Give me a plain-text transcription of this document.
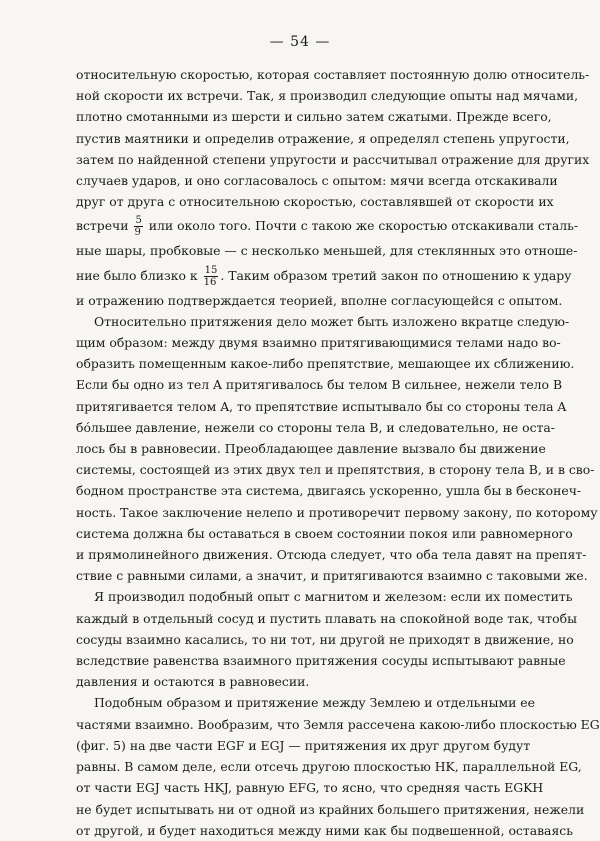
— 54 —
относительную скоростью, которая составляет постоянную долю относитель-
ной скорости их встречи. Так, я производил следующие опыты над мячами,
плотно смотанными из шерсти и сильно затем сжатыми. Прежде всего,
пустив маятники и определив отражение, я определял степень упругости,
затем по найденной степени упругости и рассчитывал отражение для других
случаев ударов, и оно согласовалось с опытом: мячи всегда отскакивали
друг от друга с относительною скоростью, составлявшей от скорости их
встречи $\frac{5}{9}$ или около того. Почти с такою же скоростью отскакивали сталь-
ные шары, пробковые — с несколько меньшей, для стеклянных это отноше-
ние было близко к $\frac{15}{16}$ . Таким образом третий закон по отношению к удару
и отражению подтверждается теорией, вполне согласующейся с опытом.
Относительно притяжения дело может быть изложено вкратце следую-
щим образом: между двумя взаимно притягивающимися телами надо во-
образить помещенным какое-либо препятствие, мешающее их сближению.
Если бы одно из тел A притягивалось бы телом B сильнее, нежели тело B
притягивается телом A, то препятствие испытывало бы со стороны тела A
бóльшее давление, нежели со стороны тела B, и следовательно, не оста-
лось бы в равновесии. Преобладающее давление вызвало бы движение
системы, состоящей из этих двух тел и препятствия, в сторону тела B, и в сво-
бодном пространстве эта система, двигаясь ускоренно, ушла бы в бесконеч-
ность. Такое заключение нелепо и противоречит первому закону, по которому
система должна бы оставаться в своем состоянии покоя или равномерного
и прямолинейного движения. Отсюда следует, что оба тела давят на препят-
ствие с равными силами, а значит, и притягиваются взаимно с таковыми же.
Я производил подобный опыт с магнитом и железом: если их поместить
каждый в отдельный сосуд и пустить плавать на спокойной воде так, чтобы
сосуды взаимно касались, то ни тот, ни другой не приходят в движение, но
вследствие равенства взаимного притяжения сосуды испытывают равные
давления и остаются в равновесии.
Подобным образом и притяжение между Землею и отдельными ее
частями взаимно. Вообразим, что Земля рассечена какою-либо плоскостью EG
(фиг. 5) на две части EGF и EGJ — притяжения их друг другом будут
равны. В самом деле, если отсечь другою плоскостью HK, параллельной EG,
от части EGJ часть HKJ, равную EFG, то ясно, что средняя часть EGKH
не будет испытывать ни от одной из крайних большего притяжения, нежели
от другой, и будет находиться между ними как бы подвешенной, оставаясь
